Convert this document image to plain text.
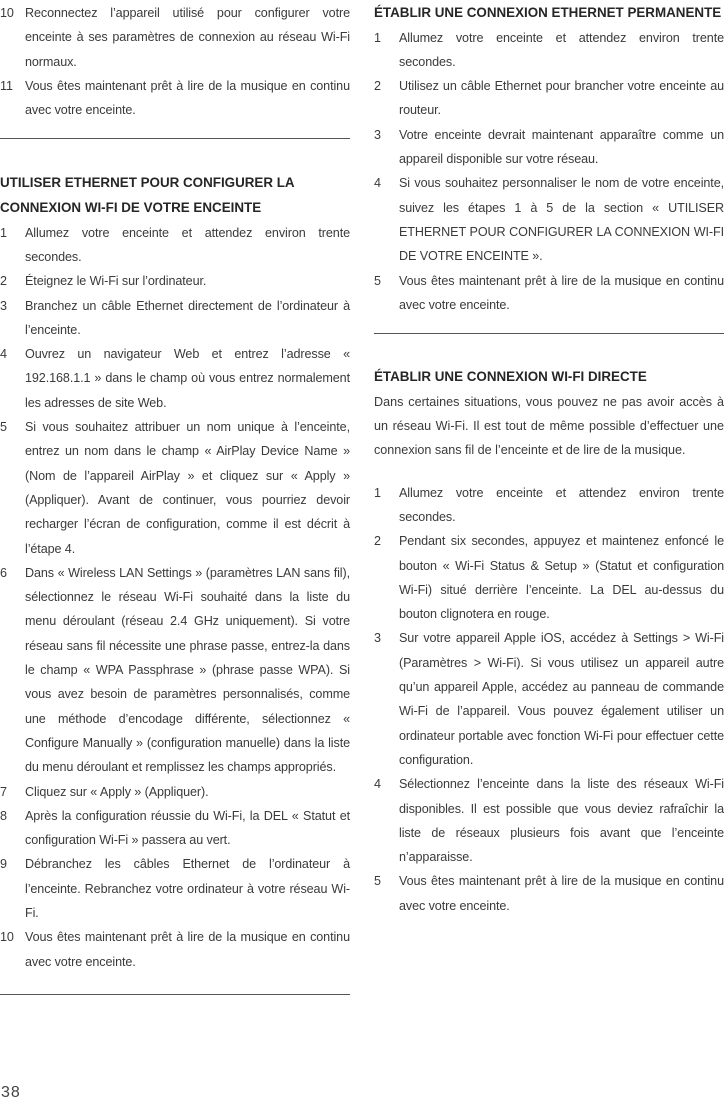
10 Reconnectez l’appareil utilisé pour configurer votre enceinte à ses paramètres de connexion au réseau Wi-Fi normaux.
11 Vous êtes maintenant prêt à lire de la musique en continu avec votre enceinte.

UTILISER ETHERNET POUR CONFIGURER LA
CONNEXION WI-FI DE VOTRE ENCEINTE

1	Allumez votre enceinte et attendez environ trente secondes.
2	Éteignez le Wi-Fi sur l’ordinateur.
3	Branchez un câble Ethernet directement de l’ordinateur à l’enceinte.
4	Ouvrez un navigateur Web et entrez l’adresse « 192.168.1.1 » dans le champ où vous entrez normalement les adresses de site Web.
5	Si vous souhaitez attribuer un nom unique à l’enceinte, entrez un nom dans le champ « AirPlay Device Name » (Nom de l’appareil AirPlay » et cliquez sur « Apply » (Appliquer). Avant de continuer, vous pourriez devoir recharger l’écran de configuration, comme il est décrit à l’étape 4.
6	Dans « Wireless LAN Settings » (paramètres LAN sans fil), sélectionnez le réseau Wi-Fi souhaité dans la liste du menu déroulant (réseau 2.4 GHz uniquement). Si votre réseau sans fil nécessite une phrase passe, entrez-la dans le champ « WPA Passphrase » (phrase passe WPA). Si vous avez besoin de paramètres personnalisés, comme une méthode d’encodage différente, sélectionnez « Configure Manually » (configuration manuelle) dans la liste du menu déroulant et remplissez les champs appropriés.
7	Cliquez sur « Apply » (Appliquer).
8	Après la configuration réussie du Wi-Fi, la DEL « Statut et configuration Wi-Fi » passera au vert.
9	Débranchez les câbles Ethernet de l’ordinateur à l’enceinte. Rebranchez votre ordinateur à votre réseau Wi-Fi.
10 Vous êtes maintenant prêt à lire de la musique en continu avec votre enceinte.

ÉTABLIR UNE CONNEXION ETHERNET PERMANENTE

1	Allumez votre enceinte et attendez environ trente secondes.
2	Utilisez un câble Ethernet pour brancher votre enceinte au routeur.
3	Votre enceinte devrait maintenant apparaître comme un appareil disponible sur votre réseau.
4	Si vous souhaitez personnaliser le nom de votre enceinte, suivez les étapes 1 à 5 de la section « UTILISER ETHERNET POUR CONFIGURER LA CONNEXION WI-FI DE VOTRE ENCEINTE ».
5	Vous êtes maintenant prêt à lire de la musique en continu avec votre enceinte.

ÉTABLIR UNE CONNEXION WI-FI DIRECTE

Dans certaines situations, vous pouvez ne pas avoir accès à un réseau Wi-Fi. Il est tout de même possible d’effectuer une connexion sans fil de l’enceinte et de lire de la musique.

1	Allumez votre enceinte et attendez environ trente secondes.
2	Pendant six secondes, appuyez et maintenez enfoncé le bouton « Wi-Fi Status & Setup » (Statut et configuration Wi-Fi) situé derrière l’enceinte. La DEL au-dessus du bouton clignotera en rouge.
3	Sur votre appareil Apple iOS, accédez à Settings > Wi-Fi (Paramètres > Wi-Fi). Si vous utilisez un appareil autre qu’un appareil Apple, accédez au panneau de commande Wi-Fi de l’appareil. Vous pouvez également utiliser un ordinateur portable avec fonction Wi-Fi pour effectuer cette configuration.
4	Sélectionnez l’enceinte dans la liste des réseaux Wi-Fi disponibles. Il est possible que vous deviez rafraîchir la liste de réseaux plusieurs fois avant que l’enceinte n’apparaisse.
5	Vous êtes maintenant prêt à lire de la musique en continu avec votre enceinte.
38
